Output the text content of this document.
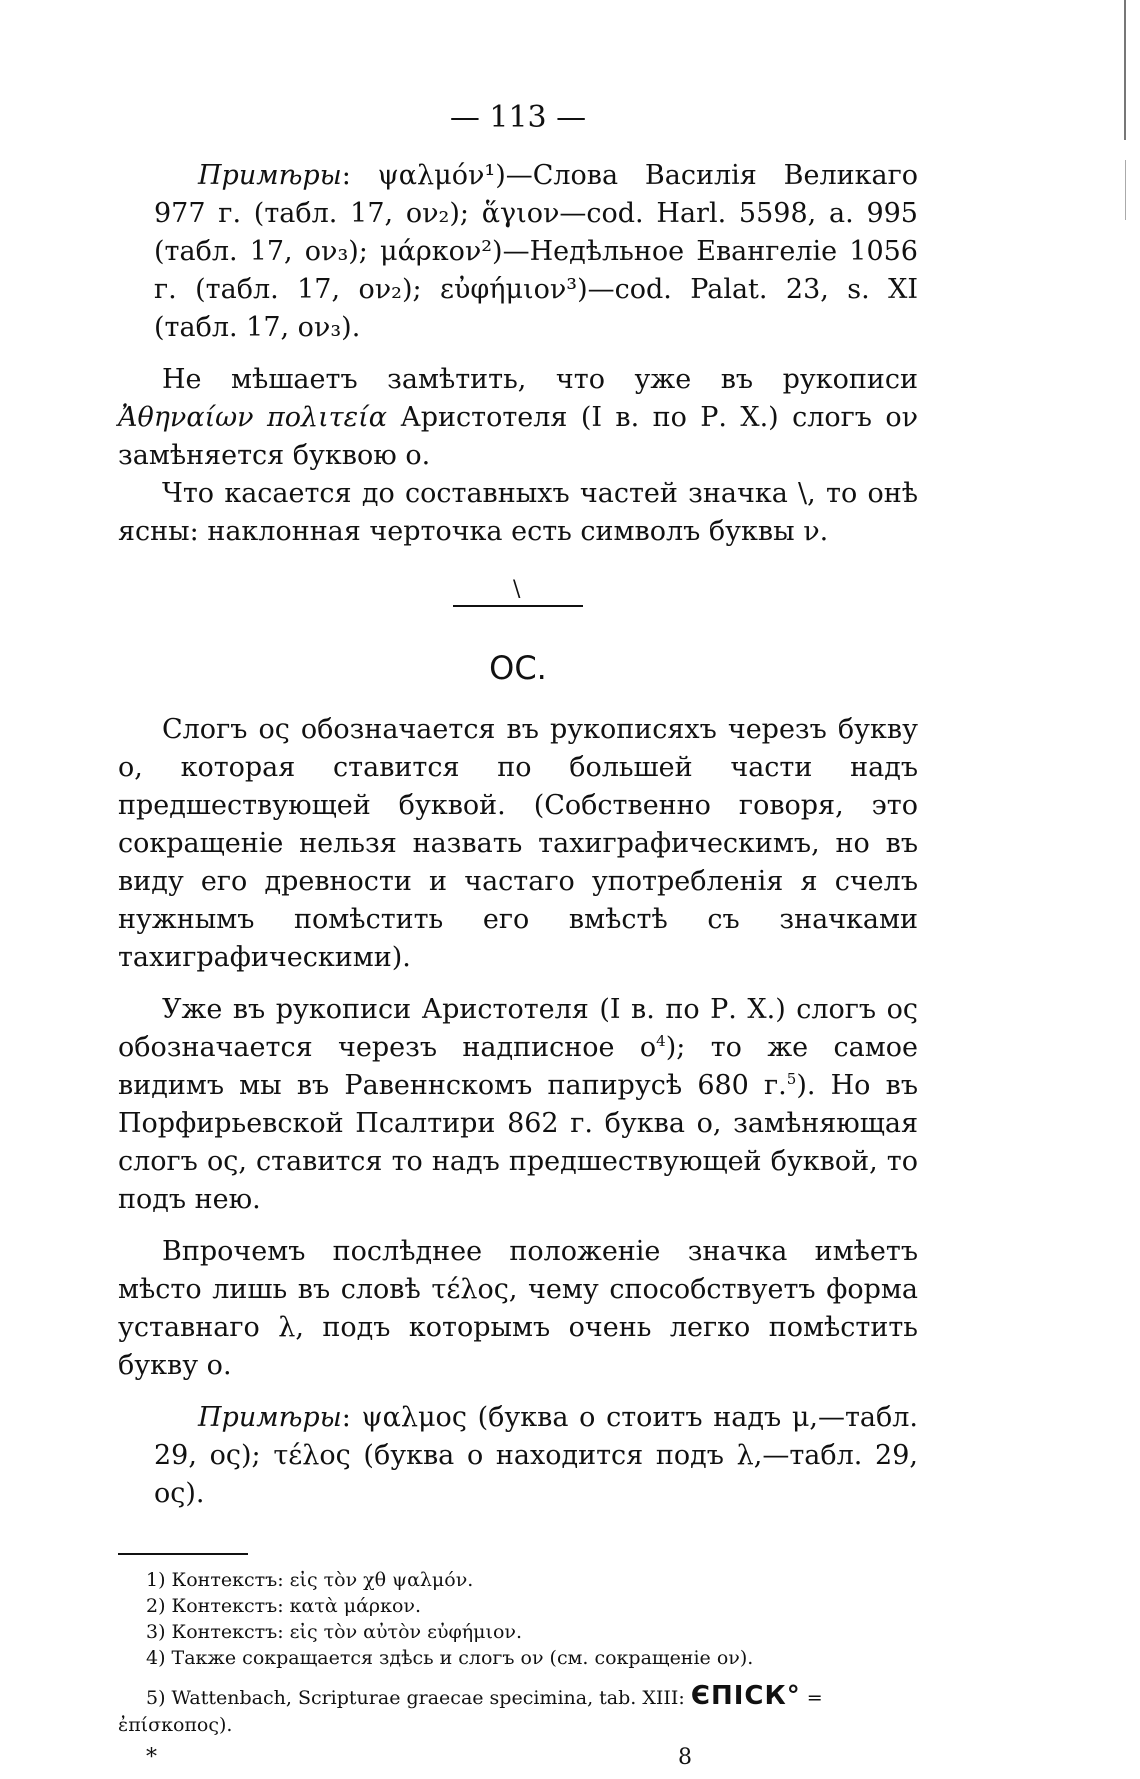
— 113 —

Примѣры: ψαλμόν¹)—Слова Василія Великаго 977 г. (табл. 17, ον₂); ἅγιον—cod. Harl. 5598, a. 995 (табл. 17, ον₃); μάρκον²)—Недѣльное Евангеліе 1056 г. (табл. 17, ον₂); εὐφήμιον³)—cod. Palat. 23, s. XI (табл. 17, ον₃).

Не мѣшаетъ замѣтить, что уже въ рукописи Ἀθηναίων πολιτεία Аристотеля (I в. по Р. Х.) слогъ ον замѣняется буквою ο.

Что касается до составныхъ частей значка \, то онѣ ясны: наклонная черточка есть символъ буквы ν.

\
ОС.

Слогъ ος обозначается въ рукописяхъ черезъ букву ο, которая ставится по большей части надъ предшествующей буквой. (Собственно говоря, это сокращеніе нельзя назвать тахиграфическимъ, но въ виду его древности и частаго употребленія я счелъ нужнымъ помѣстить его вмѣстѣ съ значками тахиграфическими).

Уже въ рукописи Аристотеля (I в. по Р. Х.) слогъ ος обозначается черезъ надписное $o^4$); то же самое видимъ мы въ Равеннскомъ папирусѣ 680 г.$^5$). Но въ Порфирьевской Псалтири 862 г. буква ο, замѣняющая слогъ ος, ставится то надъ предшествующей буквой, то подъ нею.

Впрочемъ послѣднее положеніе значка имѣетъ мѣсто лишь въ словѣ τέλος, чему способствуетъ форма уставнаго λ, подъ которымъ очень легко помѣстить букву ο.

Примѣры: ψαλμος (буква ο стоитъ надъ μ,—табл. 29, ος); τέλος (буква ο находится подъ λ,—табл. 29, ος).

1) Контекстъ: εἰς τὸν χθ ψαλμόν.
2) Контекстъ: κατὰ μάρκον.
3) Контекстъ: εἰς τὸν αὐτὸν εὐφήμιον.
4) Также сокращается здѣсь и слогъ ον (см. сокращеніе ον).
5) Wattenbach, Scripturae graecae specimina, tab. XIII: ЄПІСК° =
ἐπίσκοπος).
*	8
